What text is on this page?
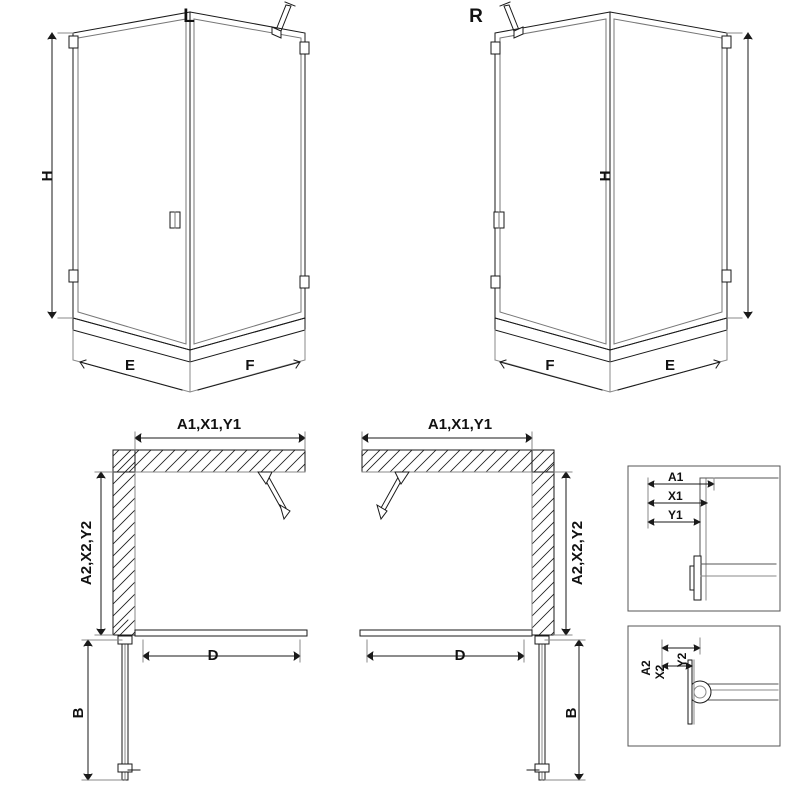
L	R
H	H
E	F	F	E
A1,X1,Y1	A1,X1,Y1
A2,X2,Y2	A2,X2,Y2
D	D
B	B
A1
X1
Y1
A2 X2
Y2
